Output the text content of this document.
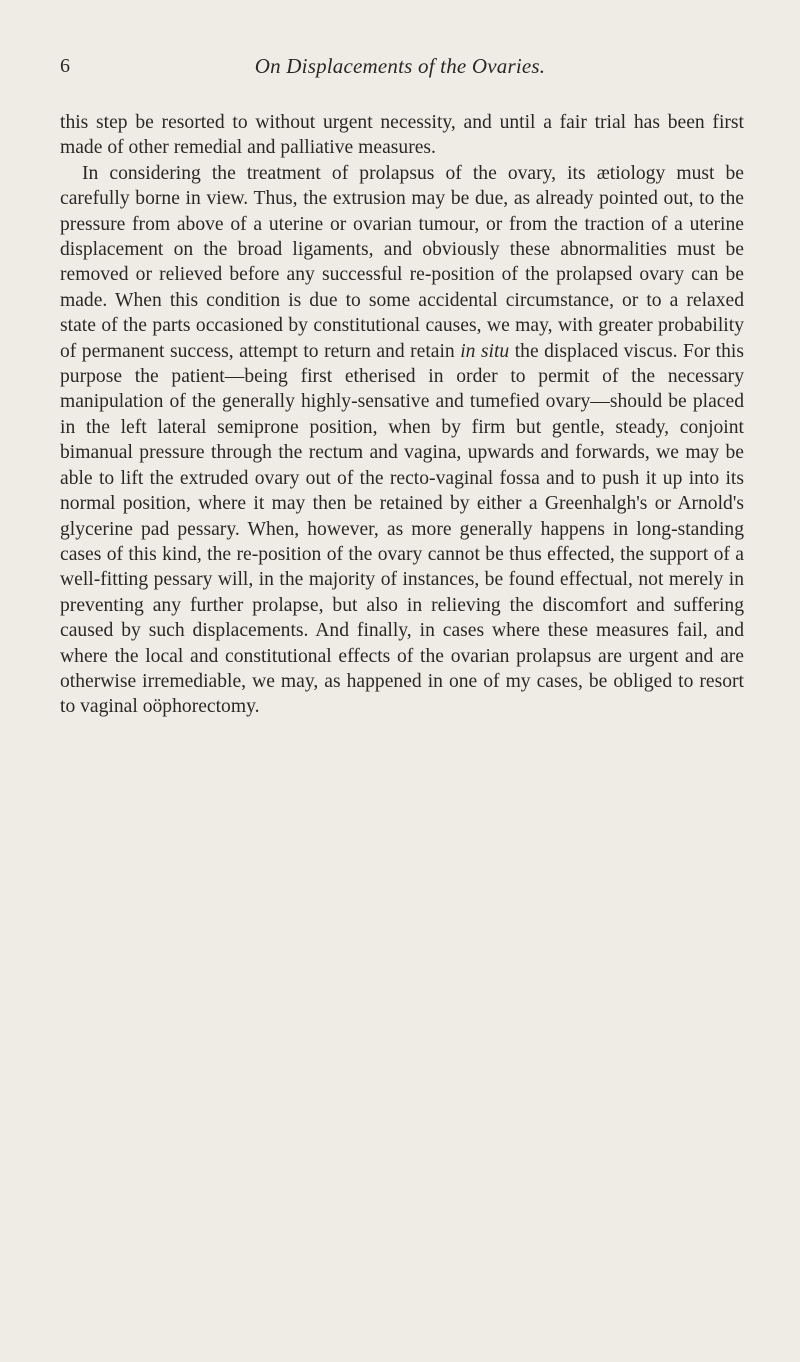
6	On Displacements of the Ovaries.

this step be resorted to without urgent necessity, and until a fair trial has been first made of other remedial and palliative measures.

In considering the treatment of prolapsus of the ovary, its ætiology must be carefully borne in view. Thus, the extrusion may be due, as already pointed out, to the pressure from above of a uterine or ovarian tumour, or from the traction of a uterine displacement on the broad ligaments, and obviously these abnormalities must be removed or relieved before any successful re-position of the prolapsed ovary can be made. When this condition is due to some accidental circumstance, or to a relaxed state of the parts occasioned by constitutional causes, we may, with greater probability of permanent success, attempt to return and retain in situ the displaced viscus. For this purpose the patient—being first etherised in order to permit of the necessary manipulation of the generally highly-sensative and tumefied ovary—should be placed in the left lateral semiprone position, when by firm but gentle, steady, conjoint bimanual pressure through the rectum and vagina, upwards and forwards, we may be able to lift the extruded ovary out of the recto-vaginal fossa and to push it up into its normal position, where it may then be retained by either a Greenhalgh's or Arnold's glycerine pad pessary. When, however, as more generally happens in long-standing cases of this kind, the re-position of the ovary cannot be thus effected, the support of a well-fitting pessary will, in the majority of instances, be found effectual, not merely in preventing any further prolapse, but also in relieving the discomfort and suffering caused by such displacements. And finally, in cases where these measures fail, and where the local and constitutional effects of the ovarian prolapsus are urgent and are otherwise irremediable, we may, as happened in one of my cases, be obliged to resort to vaginal oöphorectomy.
